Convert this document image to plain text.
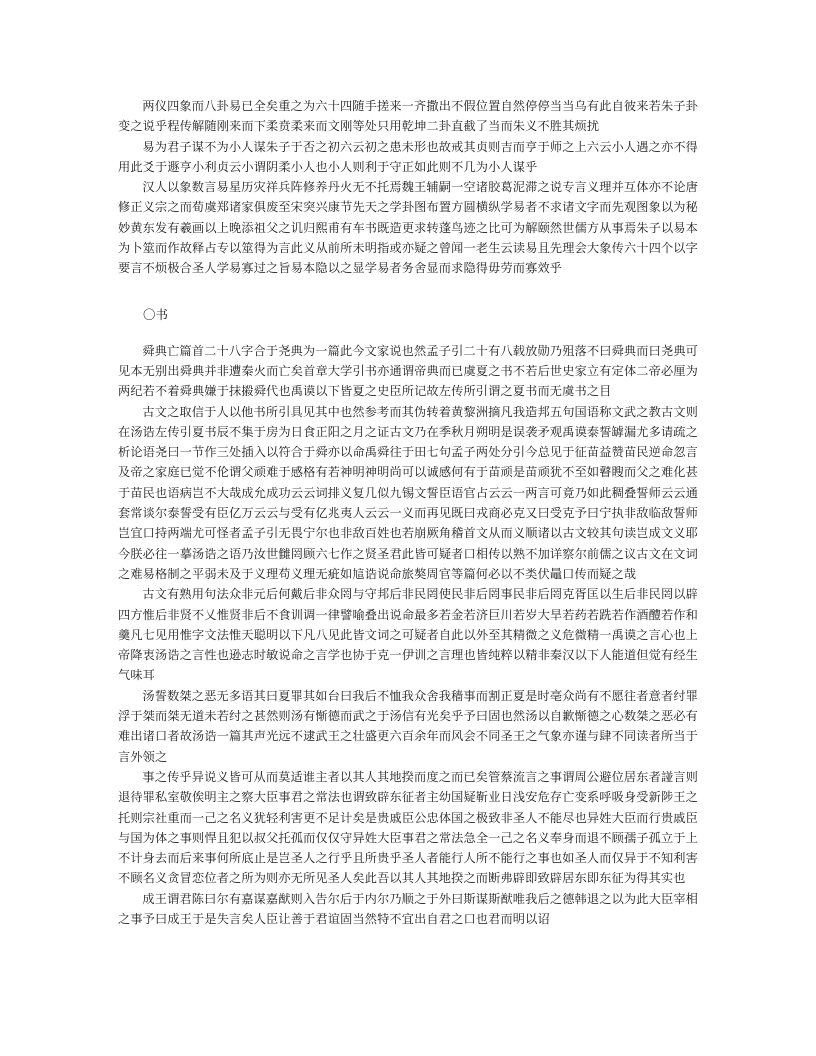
两仪四象而八卦易已全矣重之为六十四随手搓来一齐撒出不假位置自然停停当当乌有此自彼来若朱子卦变之说乎程传解随刚来而下柔贲柔来而文刚等处只用乾坤二卦直截了当而朱义不胜其烦扰

易为君子谋不为小人谋朱子于否之初六云初之患未形也故戒其贞则吉而亨于师之上六云小人遇之亦不得用此爻于遯亨小利贞云小谓阴柔小人也小人则利于守正如此则不几为小人谋乎

汉人以象数言易星历灾祥兵阵修养丹火无不托焉魏王辅嗣一空诸胶葛泥滞之说专言义理并互体亦不论唐修正义宗之而荀虞郑诸家俱废至宋突兴康节先天之学卦图布置方圆横纵学易者不求诸文字而先观图象以为秘妙黄东发有羲画以上晚添祖父之讥归熙甫有车书既造更求转蓬鸟迹之比可为解颐然世儒方从事焉朱子以易本为卜筮而作故释占专以筮得为言此义从前所未明指或亦疑之曾闻一老生云读易且先理会大象传六十四个以字要言不烦极合圣人学易寡过之旨易本隐以之显学易者务舍显而求隐得毋劳而寡效乎

〇书

舜典亡篇首二十八字合于尧典为一篇此今文家说也然孟子引二十有八载放勋乃殂落不曰舜典而曰尧典可见本无别出舜典并非遭秦火而亡矣首章大学引书亦通谓帝典而已虞夏之书不若后世史家立有定体二帝必厘为两纪若不着舜典嫌于抹摋舜代也禹谟以下皆夏之史臣所记故左传所引谓之夏书而无虞书之目

古文之取信于人以他书所引具见其中也然参考而其伪转着黄黎洲摘凡我造邦五句国语称文武之教古文则在汤诰左传引夏书辰不集于房为日食正阳之月之证古文乃在季秋月朔明是误袭矛观禹谟泰誓罅漏尤多请疏之析论语尧曰一节作三处插入以符合于舜亦以命禹舜往于田七句孟子两处分引今总见于征苗益赞苗民逆命忽言及帝之家庭已觉不伦谓父顽难于感格有若神明神明尚可以诚感何有于苗顽是苗顽犹不至如瞽瞍而父之难化甚于苗民也语病岂不大哉成允成功云云词排义复几似九锡文誓臣语官占云云一两言可竟乃如此稠叠誓师云云通套常谈尔泰誓受有臣亿万云云与受有亿兆夷人云云一义而再见既曰戎商必克又曰受克予曰宁执非敌临敌誓师岂宜口持两端尤可怪者孟子引无畏宁尔也非敌百姓也若崩厥角稽首文从而义顺诸以古文较其句读岂成文义耶今朕必往一摹汤诰之语乃汝世雠罔顾六七作之贤圣君此皆可疑者口相传以熟不加详察尔前儒之议古文在文词之难易格制之平弱未及于义理苟义理无疵如訄诰说命旅獒周官等篇何必以不类伏鼂口传而疑之哉

古文有熟用句法众非元后何戴后非众罔与守邦后非民罔使民非后罔事民非后罔克胥匡以生后非民罔以辟四方惟后非贤不乂惟贤非后不食训调一律譬喻叠出说命最多若金若济巨川若岁大旱若药若跣若作酒醴若作和羹凡七见用惟字文法惟天聪明以下凡八见此皆文词之可疑者自此以外至其精微之义危微精一禹谟之言心也上帝降衷汤诰之言性也逊志时敏说命之言学也协于克一伊训之言理也皆纯粹以精非秦汉以下人能道但觉有经生气味耳

汤誓数桀之恶无多语其曰夏罪其如台曰我后不恤我众舍我穑事而割正夏是时亳众尚有不愿往者意者纣罪浮于桀而桀无道未若纣之甚然则汤有惭德而武之于汤信有光矣乎予曰固也然汤以自歉惭德之心数桀之恶必有难出诸口者故汤诰一篇其声光远不逮武王之壮盛更六百余年而风会不同圣王之气象亦谨与肆不同读者所当于言外领之

事之传乎异说义皆可从而莫适谁主者以其人其地揆而度之而已矣管蔡流言之事谓周公避位居东者諩言则退待罪私室敬俟明主之察大臣事君之常法也谓致辟东征者主幼国疑靳业日浅安危存亡变系呼吸身受新陟王之托则宗社重而一己之名义犹轻利害更不足计矣是贵戚臣公忠体国之极致非圣人不能尽也异姓大臣而行贵戚臣与国为体之事则悍且犯以叔父托孤而仅仅守异姓大臣事君之常法急全一己之名义奉身而退不顾孺子孤立于上不计身去而后来事何所底止是岂圣人之行乎且所贵乎圣人者能行人所不能行之事也如圣人而仅异于不知利害不顾名义贪冒恋位者之所为则亦无所见圣人矣此吾以其人其地揆之而断弗辟即致辟居东即东征为得其实也

成王谓君陈曰尔有嘉谋嘉猷则入告尔后于内尔乃顺之于外曰斯谋斯猷唯我后之德韩退之以为此大臣宰相之事予曰成王于是失言矣人臣让善于君谊固当然特不宜出自君之口也君而明以诏
